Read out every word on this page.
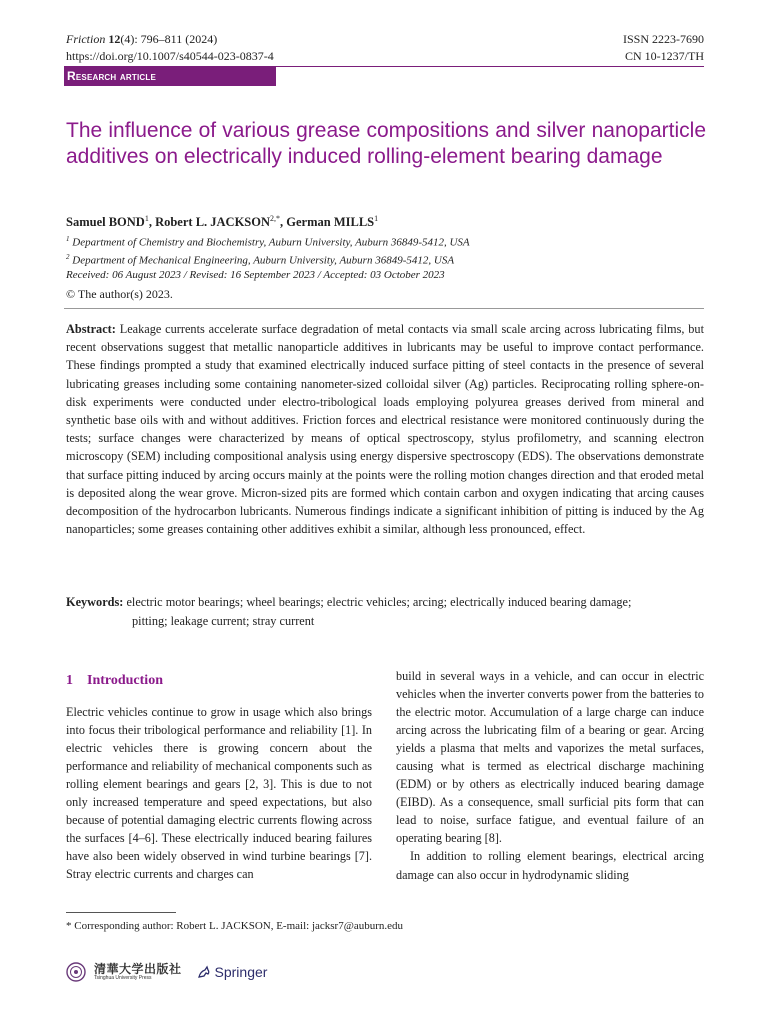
Friction 12(4): 796–811 (2024)
https://doi.org/10.1007/s40544-023-0837-4
ISSN 2223-7690
CN 10-1237/TH
Research article
The influence of various grease compositions and silver nanoparticle additives on electrically induced rolling-element bearing damage
Samuel BOND$^1$, Robert L. $JACKSON^{2,*}$, German MILLS$^1$
$^1$ Department of Chemistry and Biochemistry, Auburn University, Auburn 36849-5412, USA
$^2$ Department of Mechanical Engineering, Auburn University, Auburn 36849-5412, USA
Received: 06 August 2023 / Revised: 16 September 2023 / Accepted: 03 October 2023
© The author(s) 2023.
Abstract: Leakage currents accelerate surface degradation of metal contacts via small scale arcing across lubricating films, but recent observations suggest that metallic nanoparticle additives in lubricants may be useful to improve contact performance. These findings prompted a study that examined electrically induced surface pitting of steel contacts in the presence of several lubricating greases including some containing nanometer-sized colloidal silver (Ag) particles. Reciprocating rolling sphere-on-disk experiments were conducted under electro-tribological loads employing polyurea greases derived from mineral and synthetic base oils with and without additives. Friction forces and electrical resistance were monitored continuously during the tests; surface changes were characterized by means of optical spectroscopy, stylus profilometry, and scanning electron microscopy (SEM) including compositional analysis using energy dispersive spectroscopy (EDS). The observations demonstrate that surface pitting induced by arcing occurs mainly at the points were the rolling motion changes direction and that eroded metal is deposited along the wear grove. Micron-sized pits are formed which contain carbon and oxygen indicating that arcing causes decomposition of the hydrocarbon lubricants. Numerous findings indicate a significant inhibition of pitting is induced by the Ag nanoparticles; some greases containing other additives exhibit a similar, although less pronounced, effect.
Keywords: electric motor bearings; wheel bearings; electric vehicles; arcing; electrically induced bearing damage;
pitting; leakage current; stray current
1 Introduction
Electric vehicles continue to grow in usage which also brings into focus their tribological performance and reliability [1]. In electric vehicles there is growing concern about the performance and reliability of mechanical components such as rolling element bearings and gears [2, 3]. This is due to not only increased temperature and speed expectations, but also because of potential damaging electric currents flowing across the surfaces [4–6]. These electrically induced bearing failures have also been widely observed in wind turbine bearings [7]. Stray electric currents and charges can
build in several ways in a vehicle, and can occur in electric vehicles when the inverter converts power from the batteries to the electric motor. Accumulation of a large charge can induce arcing across the lubricating film of a bearing or gear. Arcing yields a plasma that melts and vaporizes the metal surfaces, causing what is termed as electrical discharge machining (EDM) or by others as electrically induced bearing damage (EIBD). As a consequence, small surficial pits form that can lead to noise, surface fatigue, and eventual failure of an operating bearing [8].
In addition to rolling element bearings, electrical arcing damage can also occur in hydrodynamic sliding
* Corresponding author: Robert L. JACKSON, E-mail: jacksr7@auburn.edu
清華大学出版社
Tsinghua University Press	Springer
